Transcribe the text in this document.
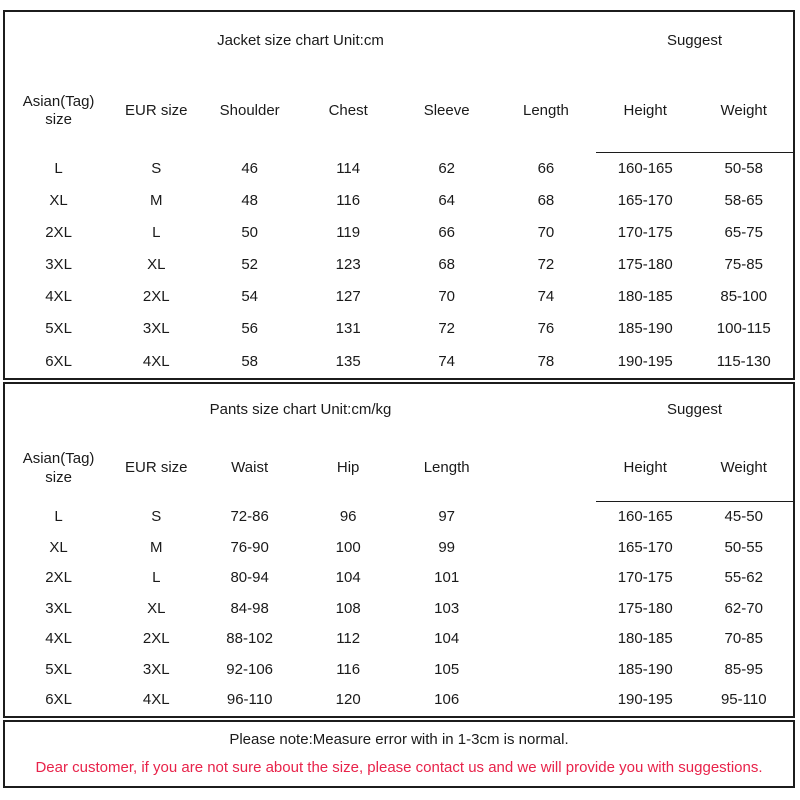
Jacket size chart Unit:cm						Suggest	
Asian(Tag) size	EUR size	Shoulder	Chest	Sleeve	Length	Height	Weight
L	S	46	114	62	66	160-165	50-58
XL	M	48	116	64	68	165-170	58-65
2XL	L	50	119	66	70	170-175	65-75
3XL	XL	52	123	68	72	175-180	75-85
4XL	2XL	54	127	70	74	180-185	85-100
5XL	3XL	56	131	72	76	185-190	100-115
6XL	4XL	58	135	74	78	190-195	115-130
Pants size chart Unit:cm/kg						Suggest	
Asian(Tag) size	EUR size	Waist	Hip	Length		Height	Weight
L	S	72-86	96	97		160-165	45-50
XL	M	76-90	100	99		165-170	50-55
2XL	L	80-94	104	101		170-175	55-62
3XL	XL	84-98	108	103		175-180	62-70
4XL	2XL	88-102	112	104		180-185	70-85
5XL	3XL	92-106	116	105		185-190	85-95
6XL	4XL	96-110	120	106		190-195	95-110
Please note:Measure error with in 1-3cm is normal.
Dear customer, if you are not sure about the size, please contact us and we will provide you with suggestions.
